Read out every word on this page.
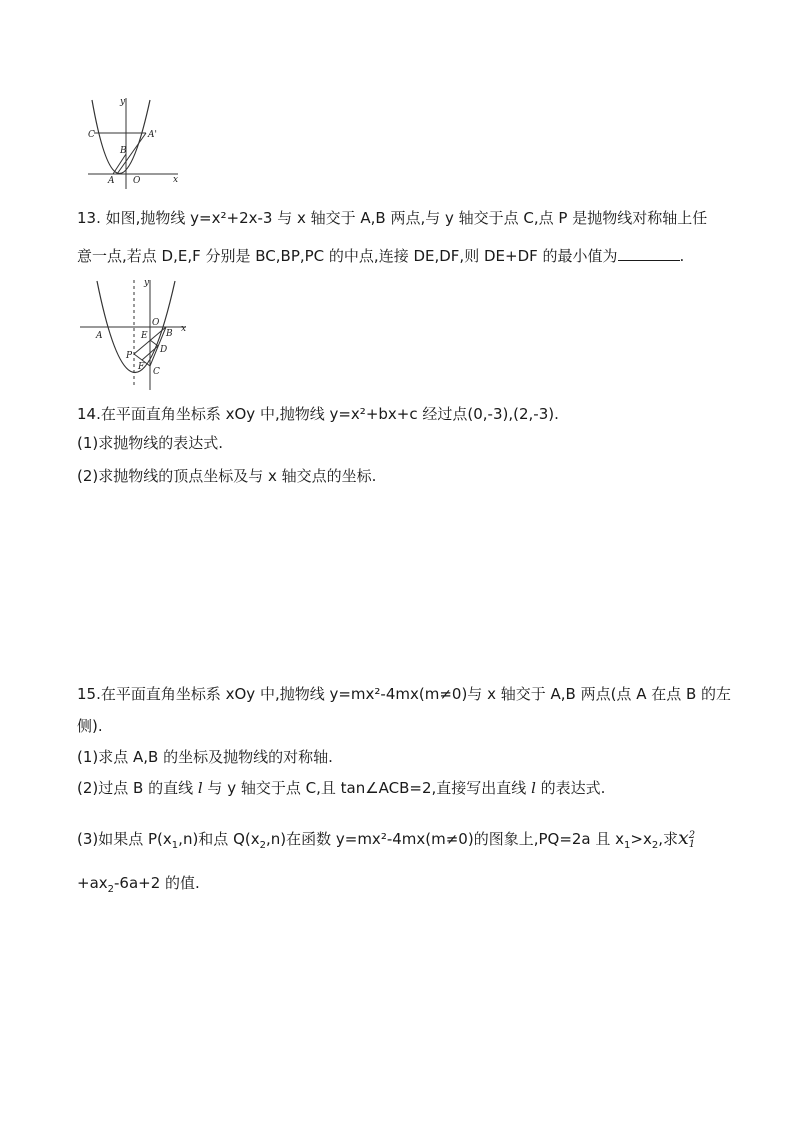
y
x
C	A'
B
A O
13. 如图,抛物线 y=x²+2x-3 与 x 轴交于 A,B 两点,与 y 轴交于点 C,点 P 是抛物线对称轴上任
意一点,若点 D,E,F 分别是 BC,BP,PC 的中点,连接 DE,DF,则 DE+DF 的最小值为	.
y
x
O
A	E B
P
D
F C
14.在平面直角坐标系 xOy 中,抛物线 y=x²+bx+c 经过点(0,-3),(2,-3).
(1)求抛物线的表达式.
(2)求抛物线的顶点坐标及与 x 轴交点的坐标.
15.在平面直角坐标系 xOy 中,抛物线 y=mx²-4mx(m≠0)与 x 轴交于 A,B 两点(点 A 在点 B 的左
侧).
(1)求点 A,B 的坐标及抛物线的对称轴.
(2)过点 B 的直线 l 与 y 轴交于点 C,且 tan∠ACB=2,直接写出直线 l 的表达式.
(3)如果点 $P(x_1,n)$和点 $Q(x_2,n)$在函数 y=mx²-4mx(m≠0)的图象上,PQ=2a 且 $x_1>x_2$,求x 2
1
$+ax_2-6a+2$ 的值.
